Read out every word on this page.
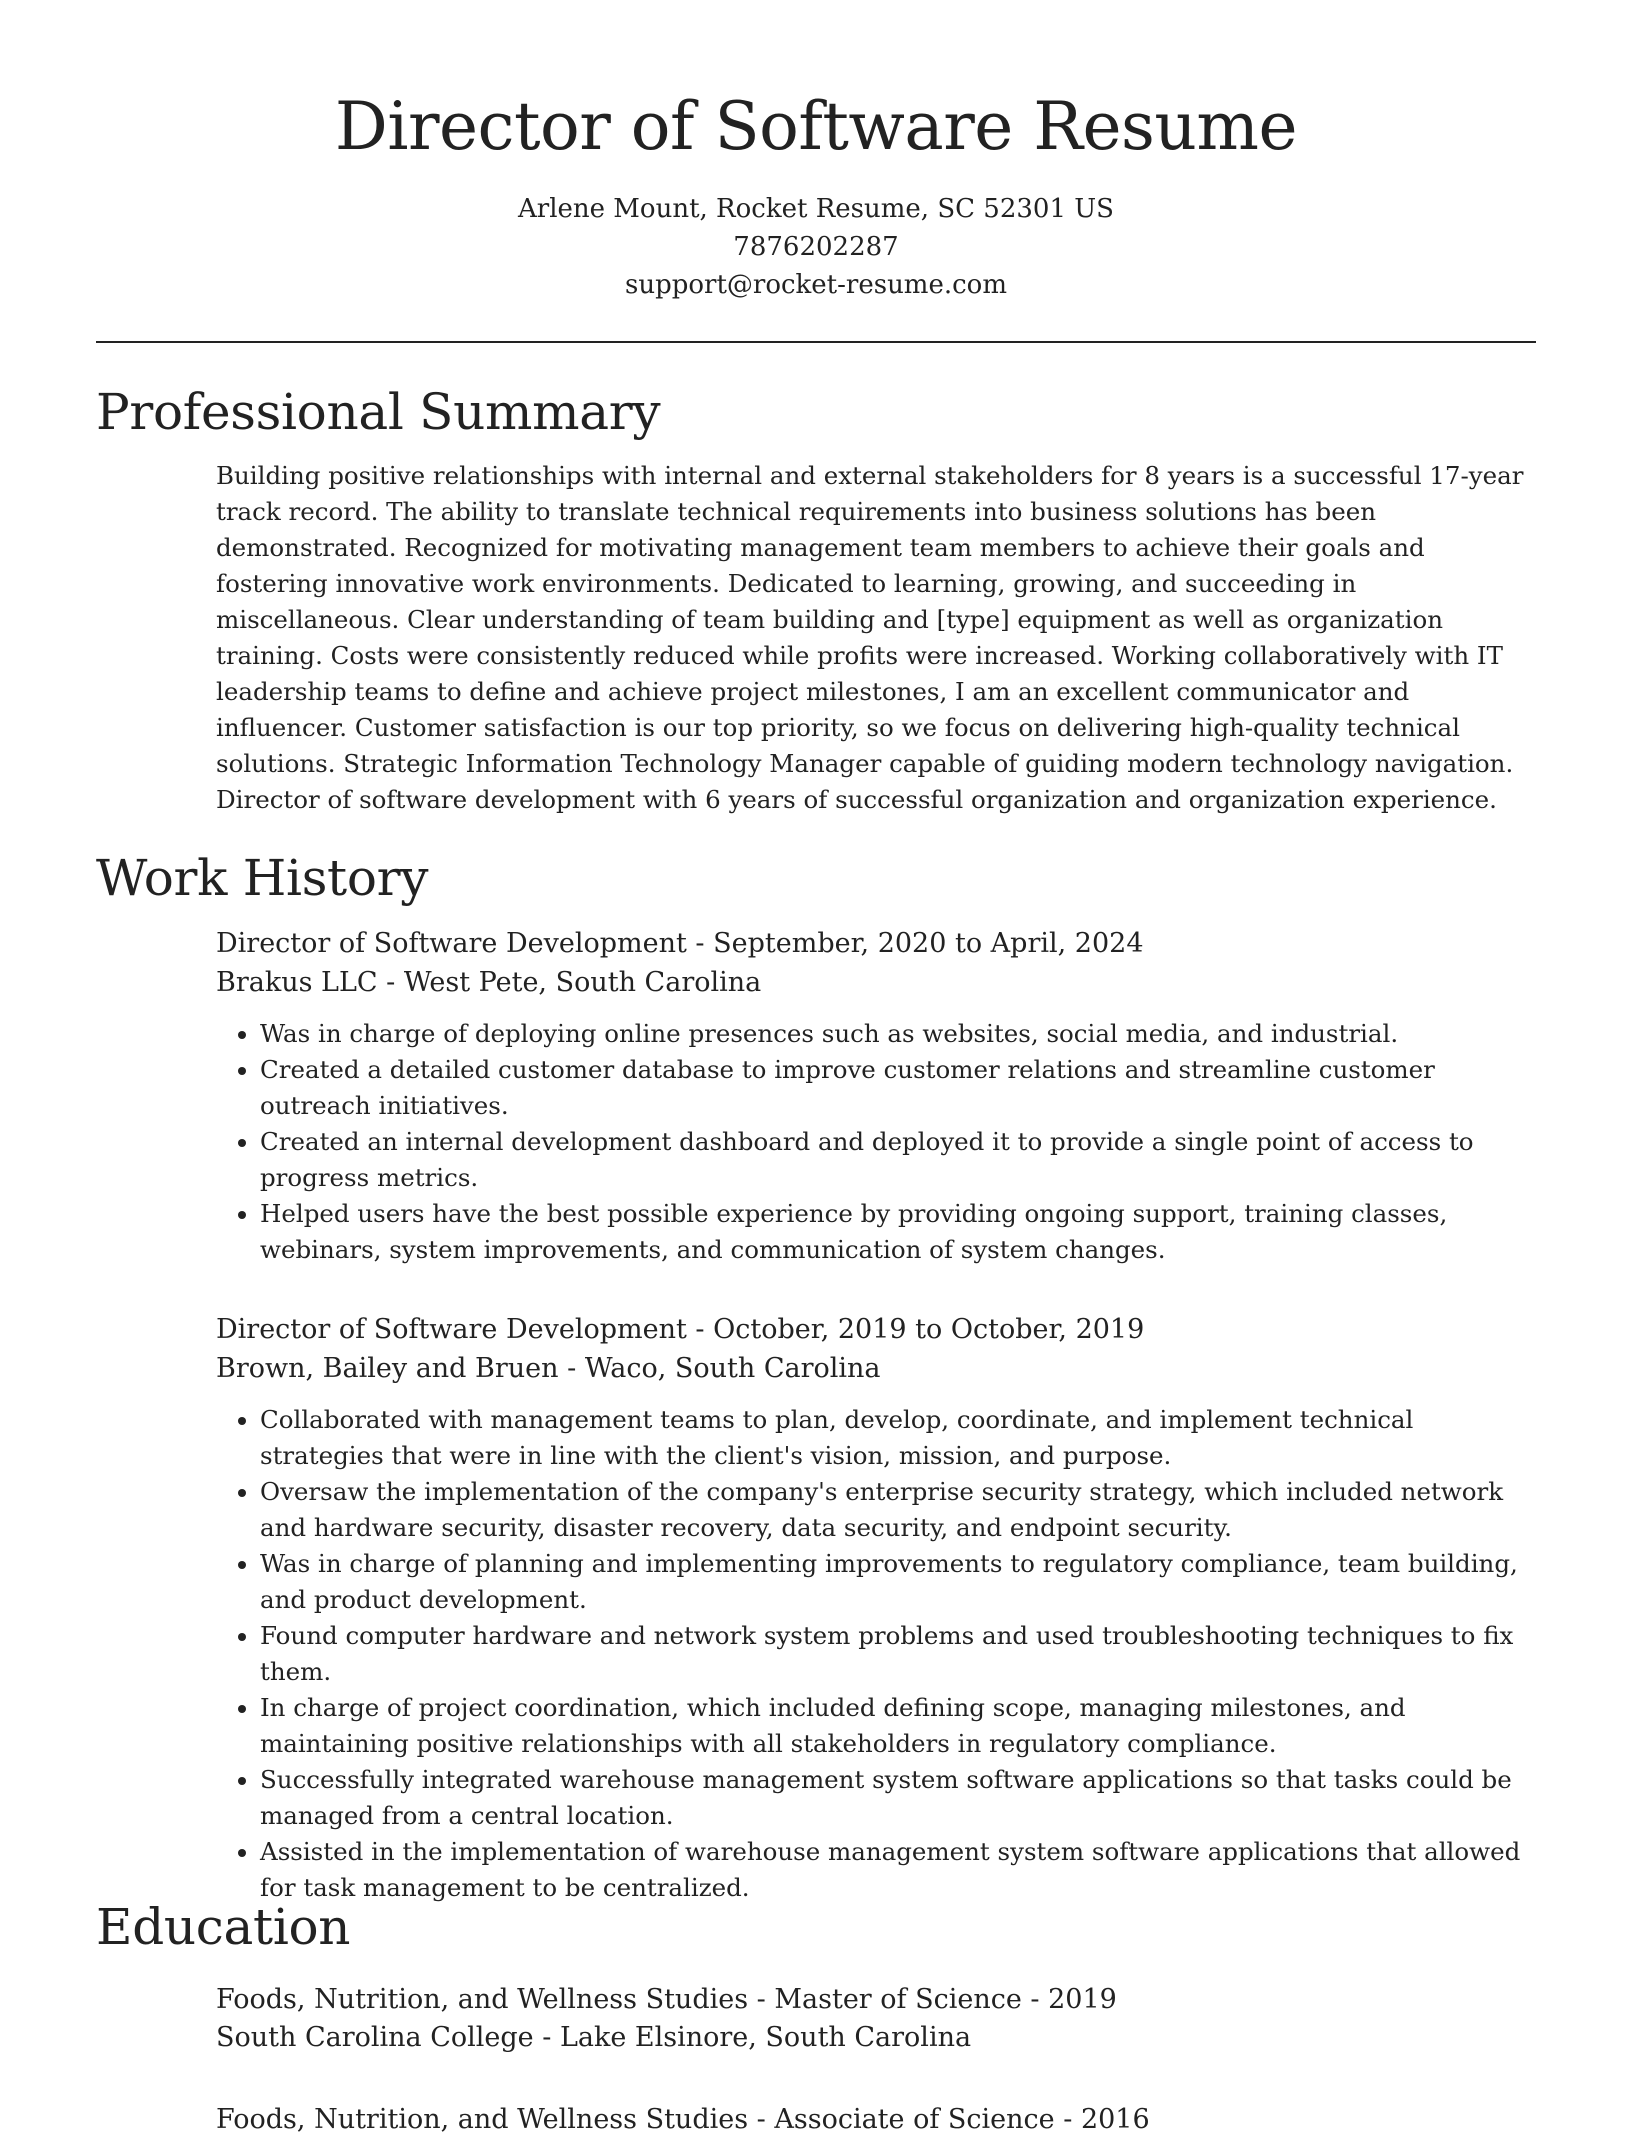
Director of Software Resume
Arlene Mount, Rocket Resume, SC 52301 US
7876202287
support@rocket-resume.com
Professional Summary
Building positive relationships with internal and external stakeholders for 8 years is a successful 17-year track record. The ability to translate technical requirements into business solutions has been demonstrated. Recognized for motivating management team members to achieve their goals and fostering innovative work environments. Dedicated to learning, growing, and succeeding in miscellaneous. Clear understanding of team building and [type] equipment as well as organization training. Costs were consistently reduced while profits were increased. Working collaboratively with IT leadership teams to define and achieve project milestones, I am an excellent communicator and influencer. Customer satisfaction is our top priority, so we focus on delivering high-quality technical solutions. Strategic Information Technology Manager capable of guiding modern technology navigation. Director of software development with 6 years of successful organization and organization experience.
Work History
Director of Software Development - September, 2020 to April, 2024
Brakus LLC - West Pete, South Carolina
• Was in charge of deploying online presences such as websites, social media, and industrial.
• Created a detailed customer database to improve customer relations and streamline customer outreach initiatives.
• Created an internal development dashboard and deployed it to provide a single point of access to progress metrics.
• Helped users have the best possible experience by providing ongoing support, training classes, webinars, system improvements, and communication of system changes.
Director of Software Development - October, 2019 to October, 2019
Brown, Bailey and Bruen - Waco, South Carolina
• Collaborated with management teams to plan, develop, coordinate, and implement technical strategies that were in line with the client's vision, mission, and purpose.
• Oversaw the implementation of the company's enterprise security strategy, which included network and hardware security, disaster recovery, data security, and endpoint security.
• Was in charge of planning and implementing improvements to regulatory compliance, team building, and product development.
• Found computer hardware and network system problems and used troubleshooting techniques to fix them.
• In charge of project coordination, which included defining scope, managing milestones, and maintaining positive relationships with all stakeholders in regulatory compliance.
• Successfully integrated warehouse management system software applications so that tasks could be managed from a central location.
• Assisted in the implementation of warehouse management system software applications that allowed for task management to be centralized.
Education
Foods, Nutrition, and Wellness Studies - Master of Science - 2019
South Carolina College - Lake Elsinore, South Carolina
Foods, Nutrition, and Wellness Studies - Associate of Science - 2016
